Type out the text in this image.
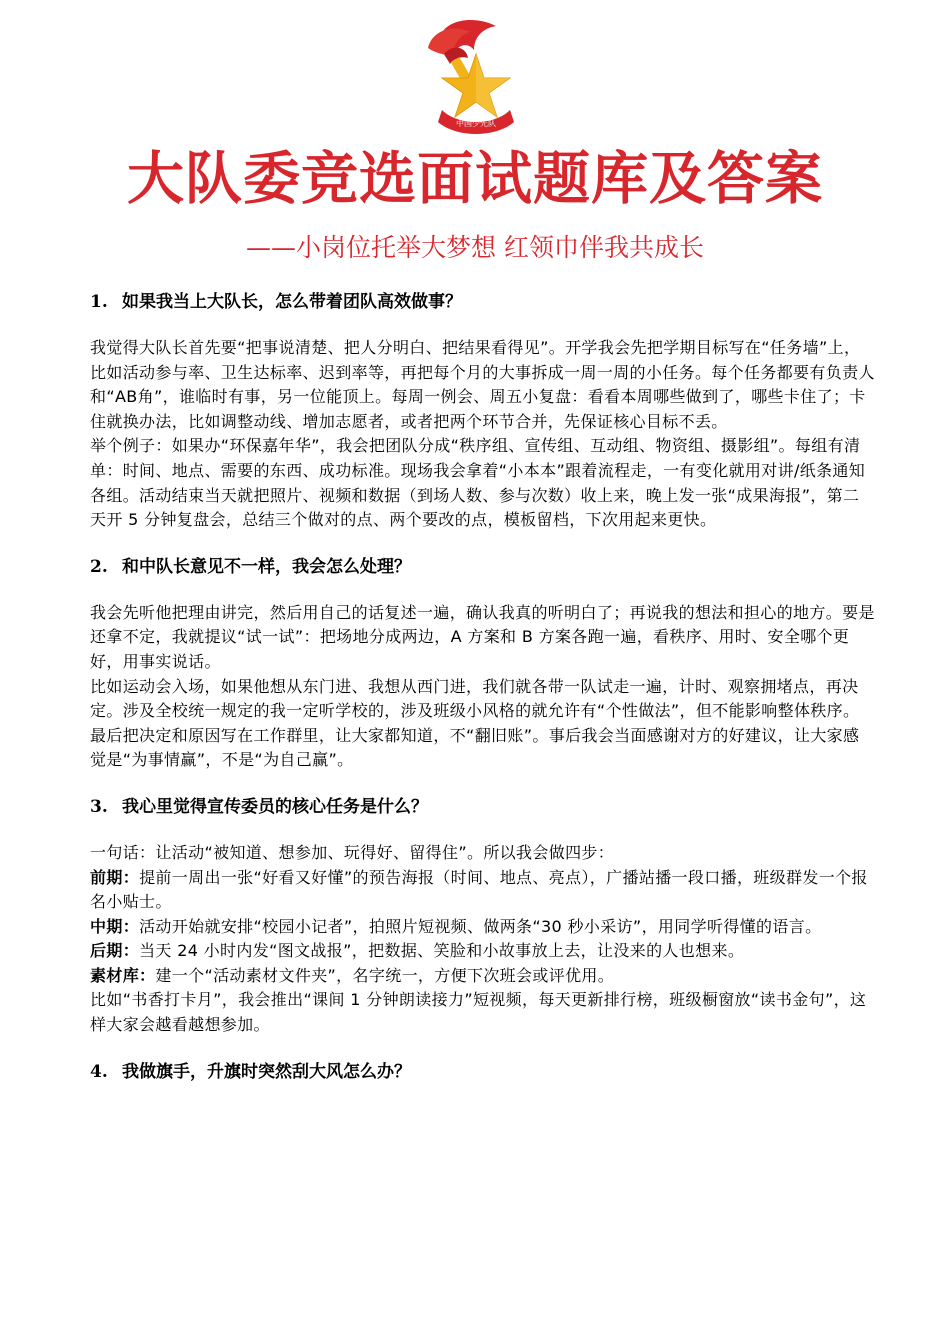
中国少先队
大队委竞选面试题库及答案
——小岗位托举大梦想 红领巾伴我共成长
1. 如果我当上大队长，怎么带着团队高效做事？

我觉得大队长首先要“把事说清楚、把人分明白、把结果看得见”。开学我会先把学期目标写在“任务墙”上，比如活动参与率、卫生达标率、迟到率等，再把每个月的大事拆成一周一周的小任务。每个任务都要有负责人和“AB角”，谁临时有事，另一位能顶上。每周一例会、周五小复盘：看看本周哪些做到了，哪些卡住了；卡住就换办法，比如调整动线、增加志愿者，或者把两个环节合并，先保证核心目标不丢。

举个例子：如果办“环保嘉年华”，我会把团队分成“秩序组、宣传组、互动组、物资组、摄影组”。每组有清单：时间、地点、需要的东西、成功标准。现场我会拿着“小本本”跟着流程走，一有变化就用对讲/纸条通知各组。活动结束当天就把照片、视频和数据（到场人数、参与次数）收上来，晚上发一张“成果海报”，第二天开 5 分钟复盘会，总结三个做对的点、两个要改的点，模板留档，下次用起来更快。

2. 和中队长意见不一样，我会怎么处理？

我会先听他把理由讲完，然后用自己的话复述一遍，确认我真的听明白了；再说我的想法和担心的地方。要是还拿不定，我就提议“试一试”：把场地分成两边，A 方案和 B 方案各跑一遍，看秩序、用时、安全哪个更好，用事实说话。

比如运动会入场，如果他想从东门进、我想从西门进，我们就各带一队试走一遍，计时、观察拥堵点，再决定。涉及全校统一规定的我一定听学校的，涉及班级小风格的就允许有“个性做法”，但不能影响整体秩序。最后把决定和原因写在工作群里，让大家都知道，不“翻旧账”。事后我会当面感谢对方的好建议，让大家感觉是“为事情赢”，不是“为自己赢”。

3. 我心里觉得宣传委员的核心任务是什么？

一句话：让活动“被知道、想参加、玩得好、留得住”。所以我会做四步：

前期：提前一周出一张“好看又好懂”的预告海报（时间、地点、亮点），广播站播一段口播，班级群发一个报名小贴士。

中期：活动开始就安排“校园小记者”，拍照片短视频、做两条“30 秒小采访”，用同学听得懂的语言。

后期：当天 24 小时内发“图文战报”，把数据、笑脸和小故事放上去，让没来的人也想来。

素材库：建一个“活动素材文件夹”，名字统一，方便下次班会或评优用。

比如“书香打卡月”，我会推出“课间 1 分钟朗读接力”短视频，每天更新排行榜，班级橱窗放“读书金句”，这样大家会越看越想参加。

4. 我做旗手，升旗时突然刮大风怎么办？
